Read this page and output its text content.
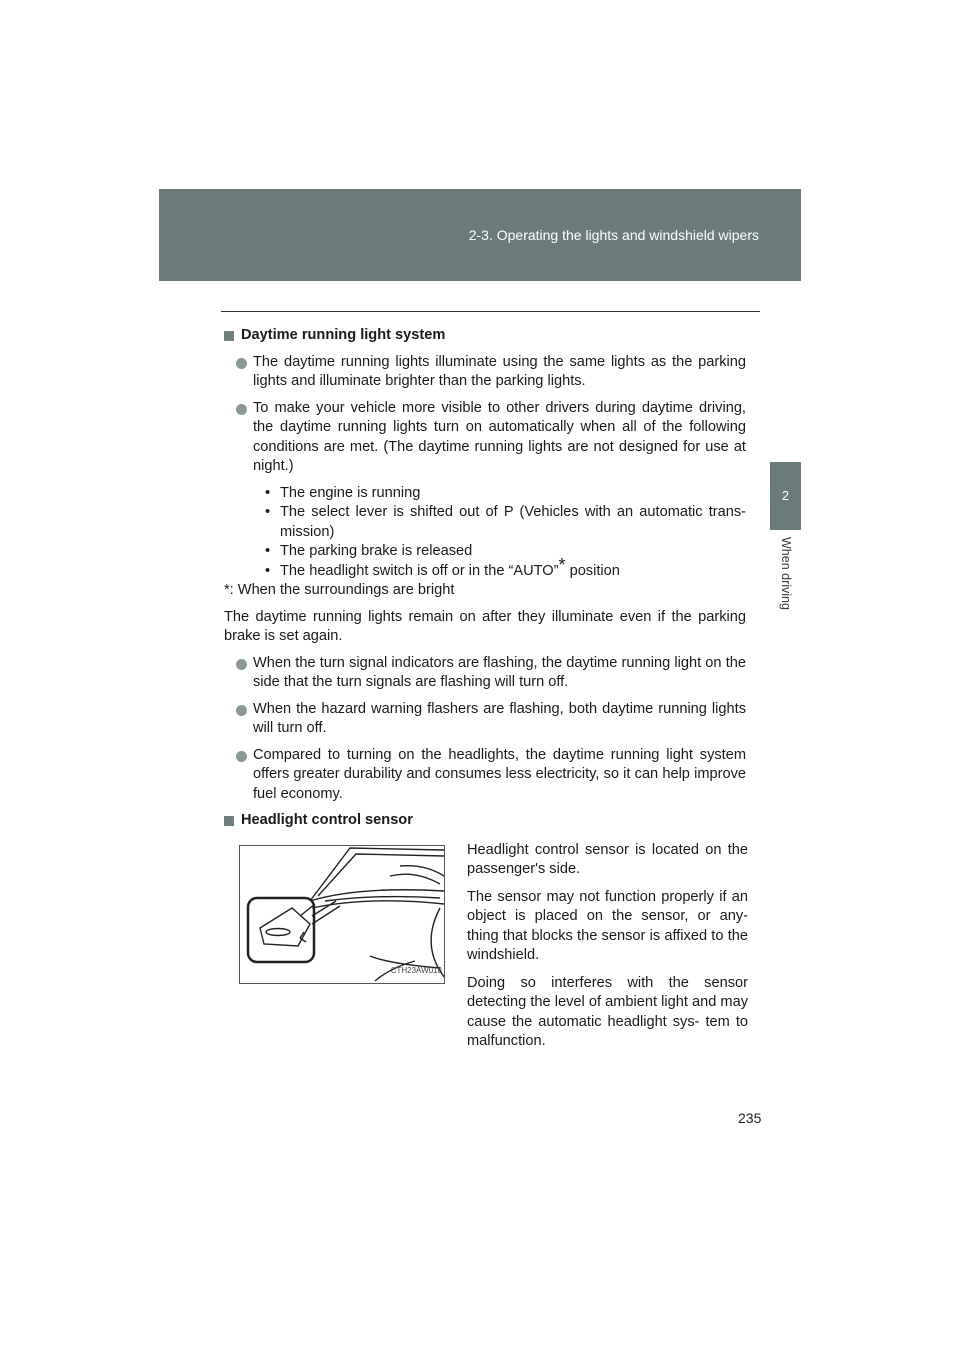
2-3. Operating the lights and windshield wipers
2
When driving
Daytime running light system
The daytime running lights illuminate using the same lights as the parking lights and illuminate brighter than the parking lights.
To make your vehicle more visible to other drivers during daytime driving, the daytime running lights turn on automatically when all of the following conditions are met. (The daytime running lights are not designed for use at night.)
• The engine is running
• The select lever is shifted out of P (Vehicles with an automatic trans- mission)
• The parking brake is released
• The headlight switch is off or in the “AUTO”* position
*: When the surroundings are bright
The daytime running lights remain on after they illuminate even if the parking brake is set again.
When the turn signal indicators are flashing, the daytime running light on the side that the turn signals are flashing will turn off.
When the hazard warning flashers are flashing, both daytime running lights will turn off.
Compared to turning on the headlights, the daytime running light system offers greater durability and consumes less electricity, so it can help improve fuel economy.
Headlight control sensor
CTH23AW018

Headlight control sensor is located on the passenger's side.

The sensor may not function properly if an object is placed on the sensor, or any- thing that blocks the sensor is affixed to the windshield.

Doing so interferes with the sensor detecting the level of ambient light and may cause the automatic headlight sys- tem to malfunction.

235
